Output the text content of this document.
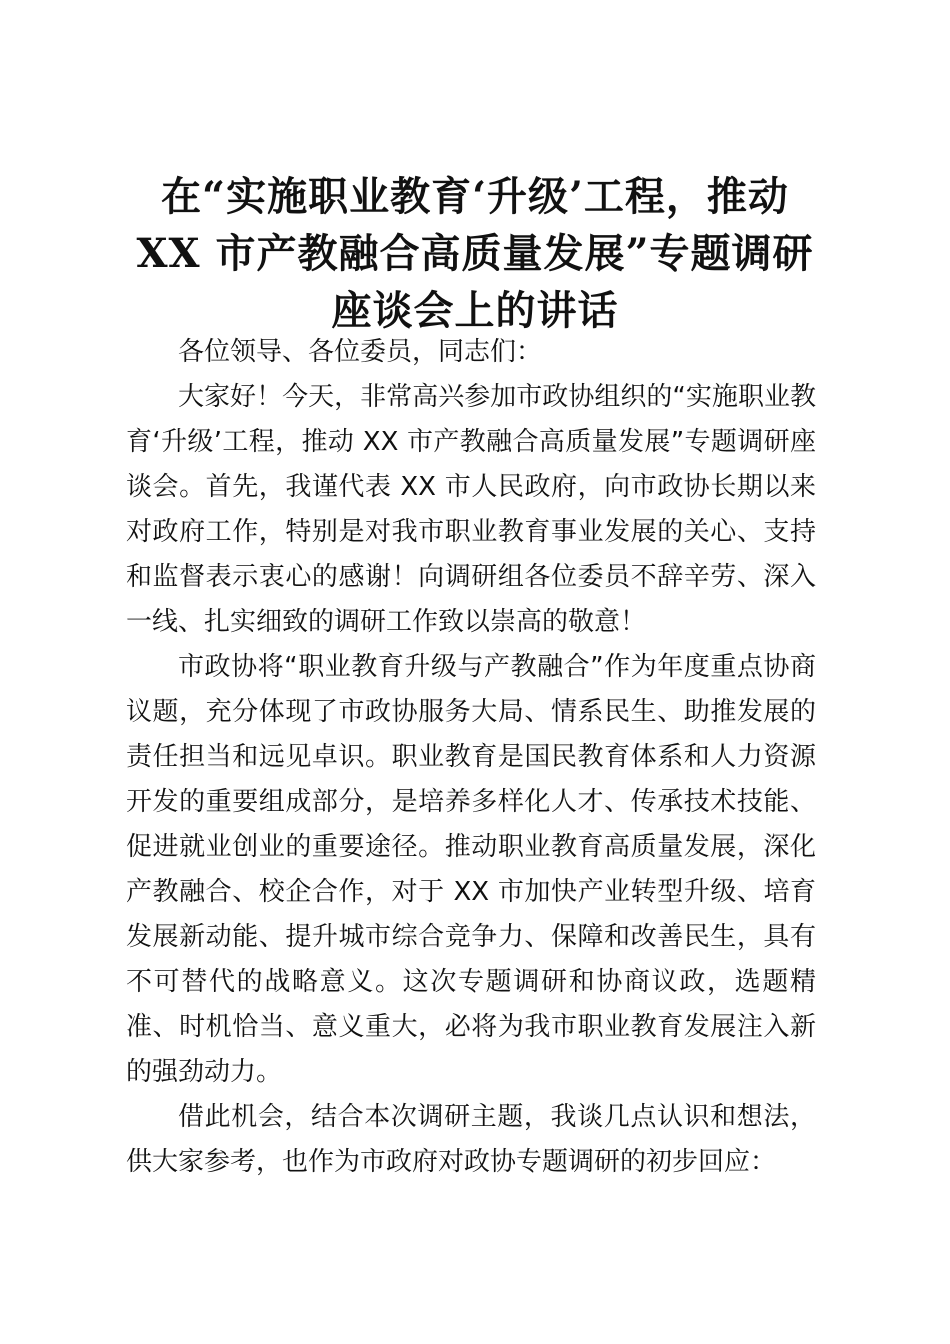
在“实施职业教育‘升级’工程，推动
XX 市产教融合高质量发展”专题调研
座谈会上的讲话

各位领导、各位委员，同志们：

大家好！今天，非常高兴参加市政协组织的“实施职业教育‘升级’工程，推动 XX 市产教融合高质量发展”专题调研座谈会。首先，我谨代表 XX 市人民政府，向市政协长期以来对政府工作，特别是对我市职业教育事业发展的关心、支持和监督表示衷心的感谢！向调研组各位委员不辞辛劳、深入一线、扎实细致的调研工作致以崇高的敬意！

市政协将“职业教育升级与产教融合”作为年度重点协商议题，充分体现了市政协服务大局、情系民生、助推发展的责任担当和远见卓识。职业教育是国民教育体系和人力资源开发的重要组成部分，是培养多样化人才、传承技术技能、促进就业创业的重要途径。推动职业教育高质量发展，深化产教融合、校企合作，对于 XX 市加快产业转型升级、培育发展新动能、提升城市综合竞争力、保障和改善民生，具有不可替代的战略意义。这次专题调研和协商议政，选题精准、时机恰当、意义重大，必将为我市职业教育发展注入新的强劲动力。

借此机会，结合本次调研主题，我谈几点认识和想法，供大家参考，也作为市政府对政协专题调研的初步回应：
